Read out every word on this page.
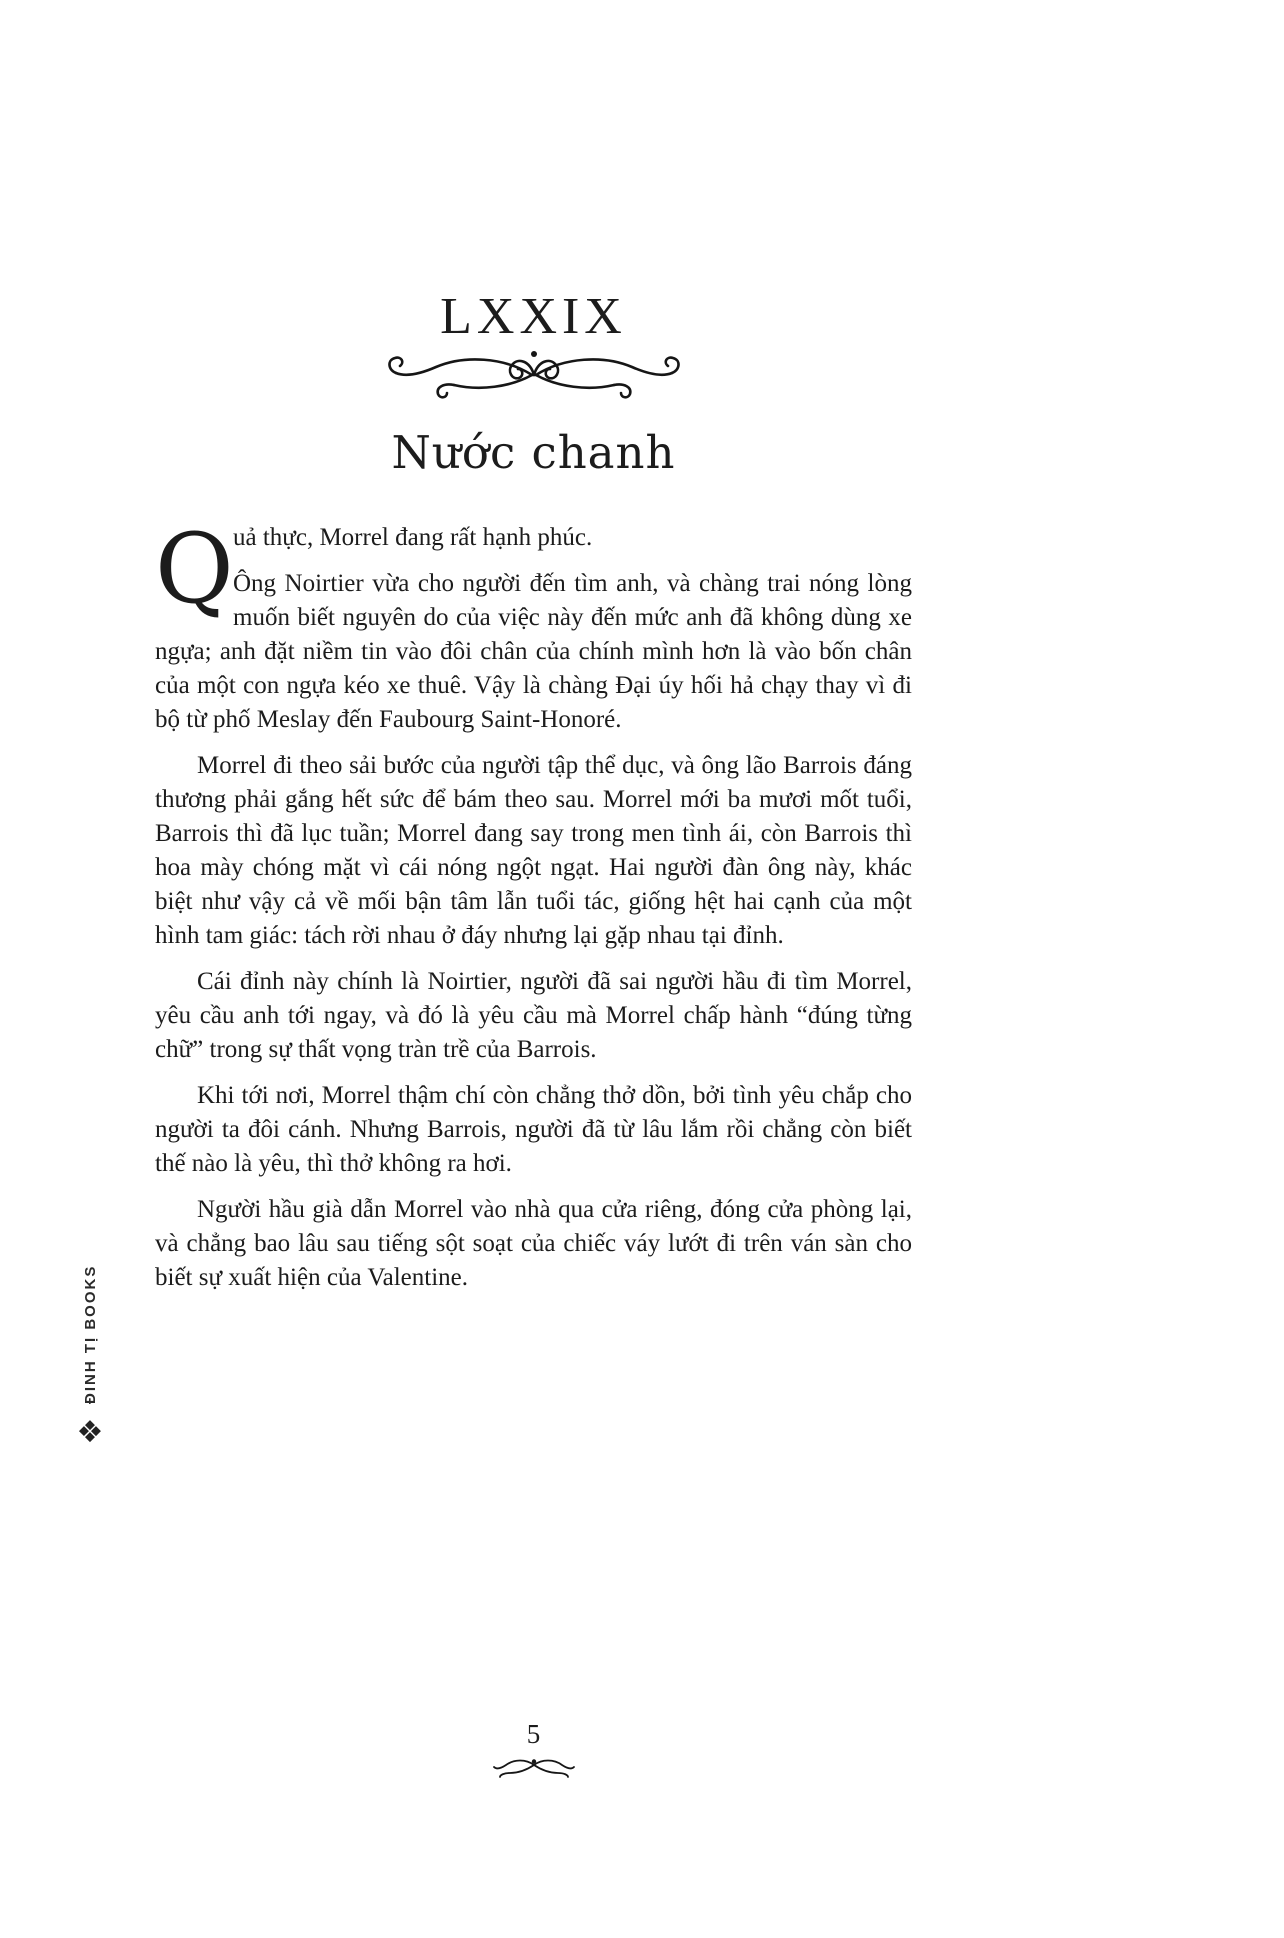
ĐINH TỊ BOOKS
❖
LXXIX
Nước chanh

Quả thực, Morrel đang rất hạnh phúc.

Ông Noirtier vừa cho người đến tìm anh, và chàng trai nóng lòng muốn biết nguyên do của việc này đến mức anh đã không dùng xe ngựa; anh đặt niềm tin vào đôi chân của chính mình hơn là vào bốn chân của một con ngựa kéo xe thuê. Vậy là chàng Đại úy hối hả chạy thay vì đi bộ từ phố Meslay đến Faubourg Saint-Honoré.

Morrel đi theo sải bước của người tập thể dục, và ông lão Barrois đáng thương phải gắng hết sức để bám theo sau. Morrel mới ba mươi mốt tuổi, Barrois thì đã lục tuần; Morrel đang say trong men tình ái, còn Barrois thì hoa mày chóng mặt vì cái nóng ngột ngạt. Hai người đàn ông này, khác biệt như vậy cả về mối bận tâm lẫn tuổi tác, giống hệt hai cạnh của một hình tam giác: tách rời nhau ở đáy nhưng lại gặp nhau tại đỉnh.

Cái đỉnh này chính là Noirtier, người đã sai người hầu đi tìm Morrel, yêu cầu anh tới ngay, và đó là yêu cầu mà Morrel chấp hành “đúng từng chữ” trong sự thất vọng tràn trề của Barrois.

Khi tới nơi, Morrel thậm chí còn chẳng thở dồn, bởi tình yêu chắp cho người ta đôi cánh. Nhưng Barrois, người đã từ lâu lắm rồi chẳng còn biết thế nào là yêu, thì thở không ra hơi.

Người hầu già dẫn Morrel vào nhà qua cửa riêng, đóng cửa phòng lại, và chẳng bao lâu sau tiếng sột soạt của chiếc váy lướt đi trên ván sàn cho biết sự xuất hiện của Valentine.

5
